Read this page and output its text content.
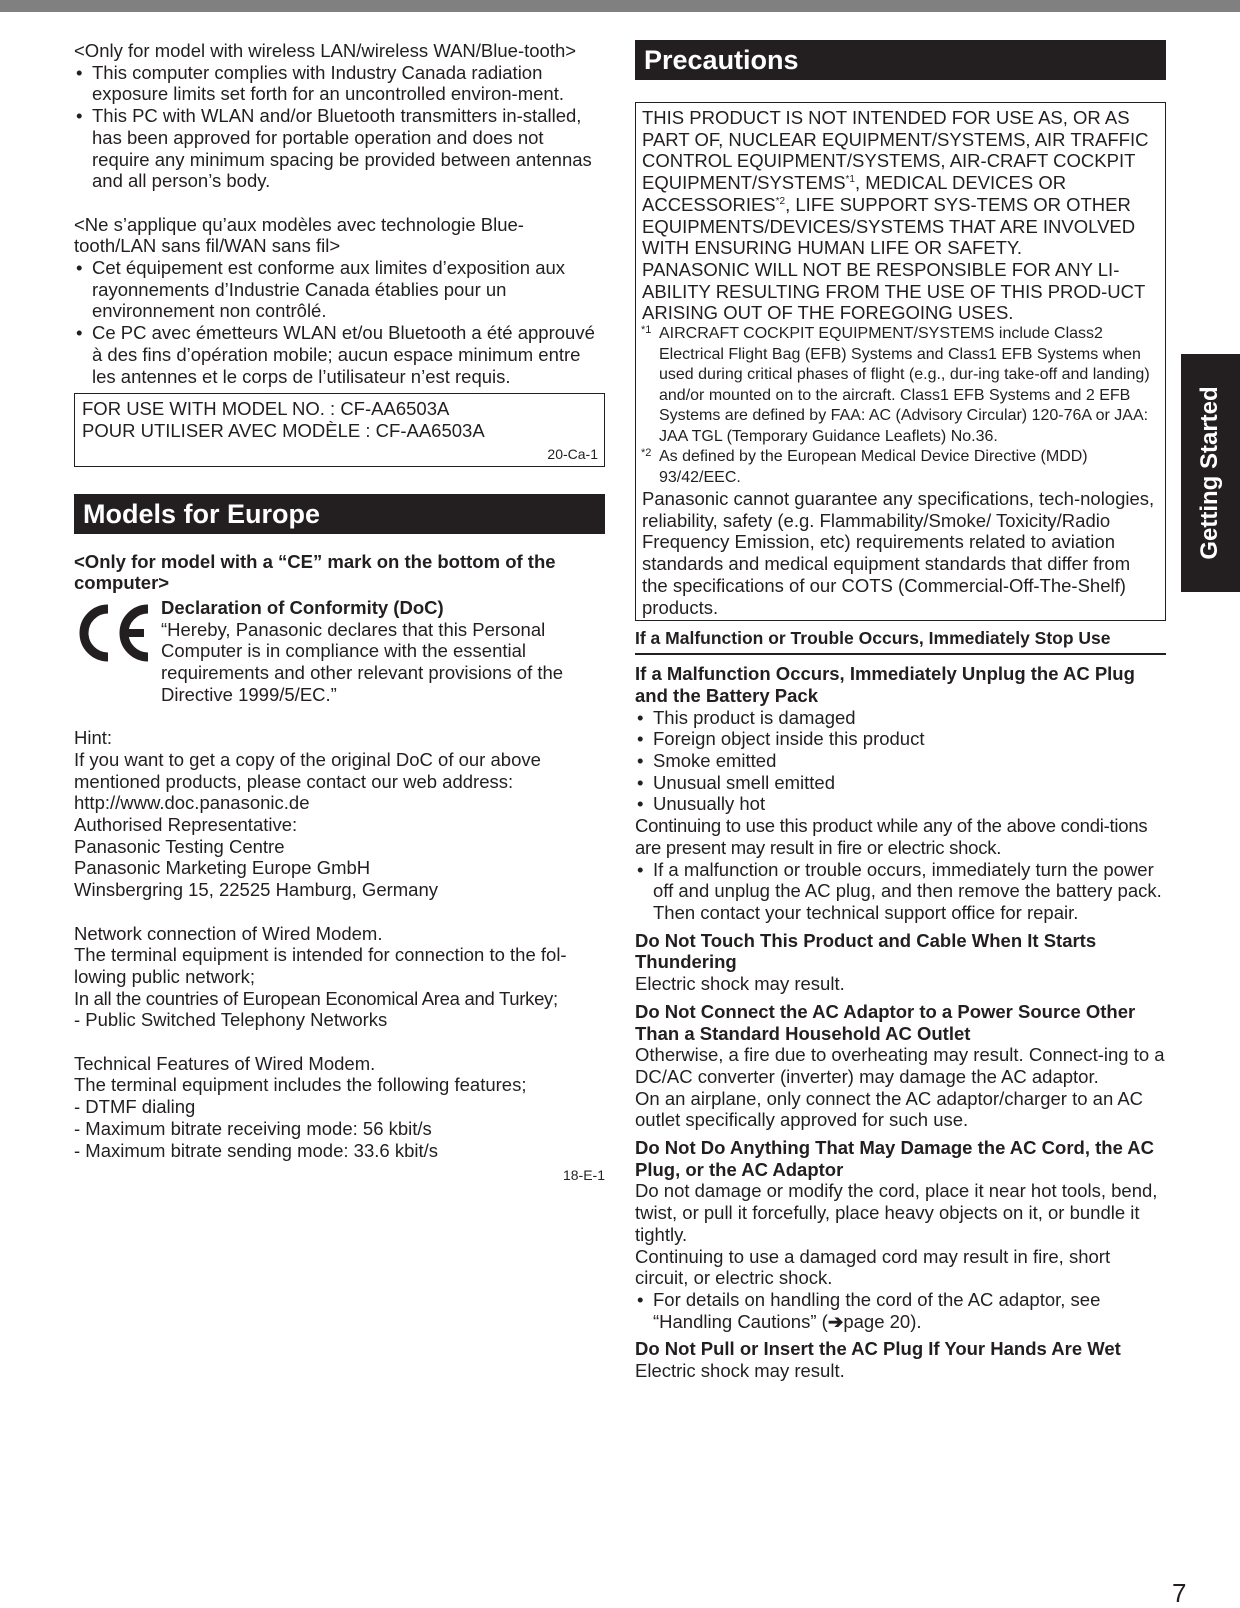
<Only for model with wireless LAN/wireless WAN/Blue-tooth>

• This computer complies with Industry Canada radiation exposure limits set forth for an uncontrolled environ-ment.
• This PC with WLAN and/or Bluetooth transmitters in-stalled, has been approved for portable operation and does not require any minimum spacing be provided between antennas and all person’s body.

<Ne s’applique qu’aux modèles avec technologie Blue-tooth/LAN sans fil/WAN sans fil>

• Cet équipement est conforme aux limites d’exposition aux rayonnements d’Industrie Canada établies pour un environnement non contrôlé.
• Ce PC avec émetteurs WLAN et/ou Bluetooth a été approuvé à des fins d’opération mobile; aucun espace minimum entre les antennes et le corps de l’utilisateur n’est requis.
FOR USE WITH MODEL NO. : CF-AA6503A
POUR UTILISER AVEC MODÈLE : CF-AA6503A
20-Ca-1
Models for Europe
<Only for model with a “CE” mark on the bottom of the computer>
Declaration of Conformity (DoC)
“Hereby, Panasonic declares that this Personal Computer is in compliance with the essential requirements and other relevant provisions of the Directive 1999/5/EC.”
Hint:
If you want to get a copy of the original DoC of our above mentioned products, please contact our web address:
http://www.doc.panasonic.de
Authorised Representative:
Panasonic Testing Centre
Panasonic Marketing Europe GmbH
Winsbergring 15, 22525 Hamburg, Germany
Network connection of Wired Modem.
The terminal equipment is intended for connection to the fol-lowing public network;
In all the countries of European Economical Area and Turkey;
- Public Switched Telephony Networks
Technical Features of Wired Modem.
The terminal equipment includes the following features;
- DTMF dialing
- Maximum bitrate receiving mode: 56 kbit/s
- Maximum bitrate sending mode: 33.6 kbit/s
18-E-1
Precautions
THIS PRODUCT IS NOT INTENDED FOR USE AS, OR AS PART OF, NUCLEAR EQUIPMENT/SYSTEMS, AIR TRAFFIC CONTROL EQUIPMENT/SYSTEMS, AIR-CRAFT COCKPIT EQUIPMENT/SYSTEMS$^{*1}$, MEDICAL DEVICES OR ACCESSORIES$^{*2}$, LIFE SUPPORT SYS-TEMS OR OTHER EQUIPMENTS/DEVICES/SYSTEMS THAT ARE INVOLVED WITH ENSURING HUMAN LIFE OR SAFETY.
PANASONIC WILL NOT BE RESPONSIBLE FOR ANY LI-ABILITY RESULTING FROM THE USE OF THIS PROD-UCT ARISING OUT OF THE FOREGOING USES.
*1 AIRCRAFT COCKPIT EQUIPMENT/SYSTEMS include Class2 Electrical Flight Bag (EFB) Systems and Class1 EFB Systems when used during critical phases of flight (e.g., dur-ing take-off and landing) and/or mounted on to the aircraft. Class1 EFB Systems and 2 EFB Systems are defined by FAA: AC (Advisory Circular) 120-76A or JAA:
JAA TGL (Temporary Guidance Leaflets) No.36.
*2 As defined by the European Medical Device Directive (MDD) 93/42/EEC.
Panasonic cannot guarantee any specifications, tech-nologies, reliability, safety (e.g. Flammability/Smoke/ Toxicity/Radio Frequency Emission, etc) requirements related to aviation standards and medical equipment standards that differ from the specifications of our COTS (Commercial-Off-The-Shelf) products.
If a Malfunction or Trouble Occurs, Immediately Stop Use
If a Malfunction Occurs, Immediately Unplug the AC Plug and the Battery Pack
• This product is damaged
• Foreign object inside this product
• Smoke emitted
• Unusual smell emitted
• Unusually hot
Continuing to use this product while any of the above condi-tions are present may result in fire or electric shock.
• If a malfunction or trouble occurs, immediately turn the power off and unplug the AC plug, and then remove the battery pack.
Then contact your technical support office for repair.
Do Not Touch This Product and Cable When It Starts Thundering
Electric shock may result.
Do Not Connect the AC Adaptor to a Power Source Other Than a Standard Household AC Outlet
Otherwise, a fire due to overheating may result. Connect-ing to a DC/AC converter (inverter) may damage the AC adaptor.
On an airplane, only connect the AC adaptor/charger to an AC outlet specifically approved for such use.
Do Not Do Anything That May Damage the AC Cord, the AC Plug, or the AC Adaptor
Do not damage or modify the cord, place it near hot tools, bend, twist, or pull it forcefully, place heavy objects on it, or bundle it tightly.
Continuing to use a damaged cord may result in fire, short circuit, or electric shock.
• For details on handling the cord of the AC adaptor, see “Handling Cautions” (➔page 20).
Do Not Pull or Insert the AC Plug If Your Hands Are Wet
Electric shock may result.
Getting Started
7
